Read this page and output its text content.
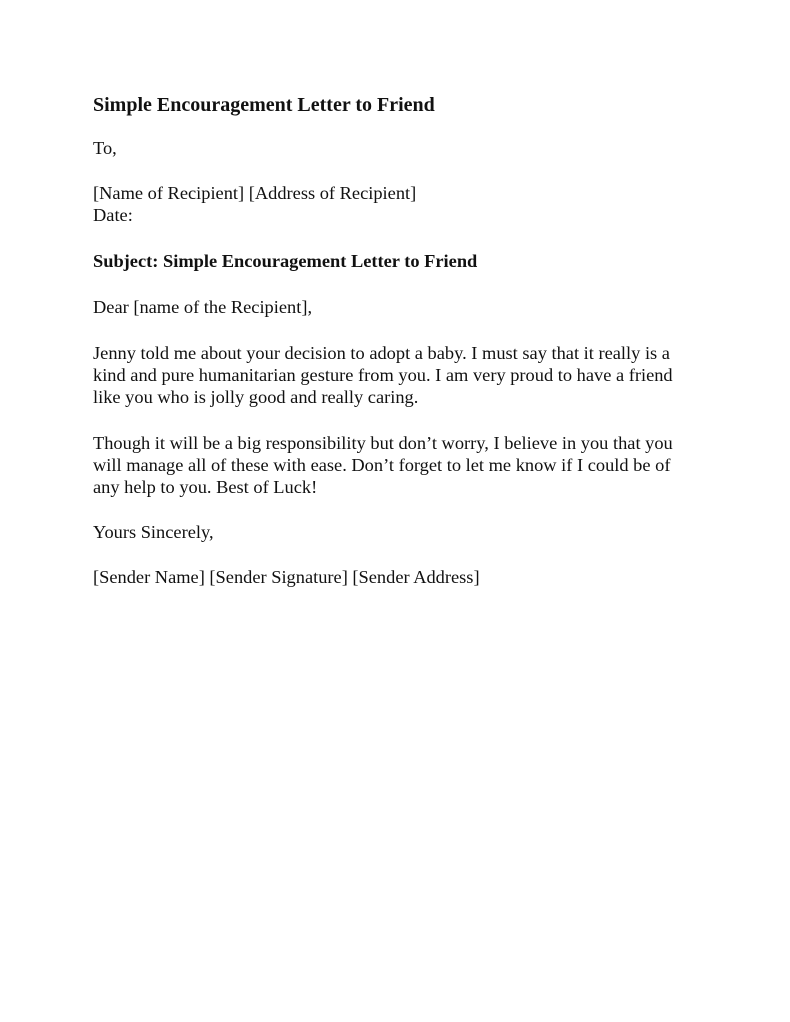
Simple Encouragement Letter to Friend
To,
[Name of Recipient] [Address of Recipient]
Date:
Subject: Simple Encouragement Letter to Friend
Dear [name of the Recipient],
Jenny told me about your decision to adopt a baby. I must say that it really is a
kind and pure humanitarian gesture from you. I am very proud to have a friend
like you who is jolly good and really caring.
Though it will be a big responsibility but don’t worry, I believe in you that you
will manage all of these with ease. Don’t forget to let me know if I could be of
any help to you. Best of Luck!
Yours Sincerely,
[Sender Name] [Sender Signature] [Sender Address]
